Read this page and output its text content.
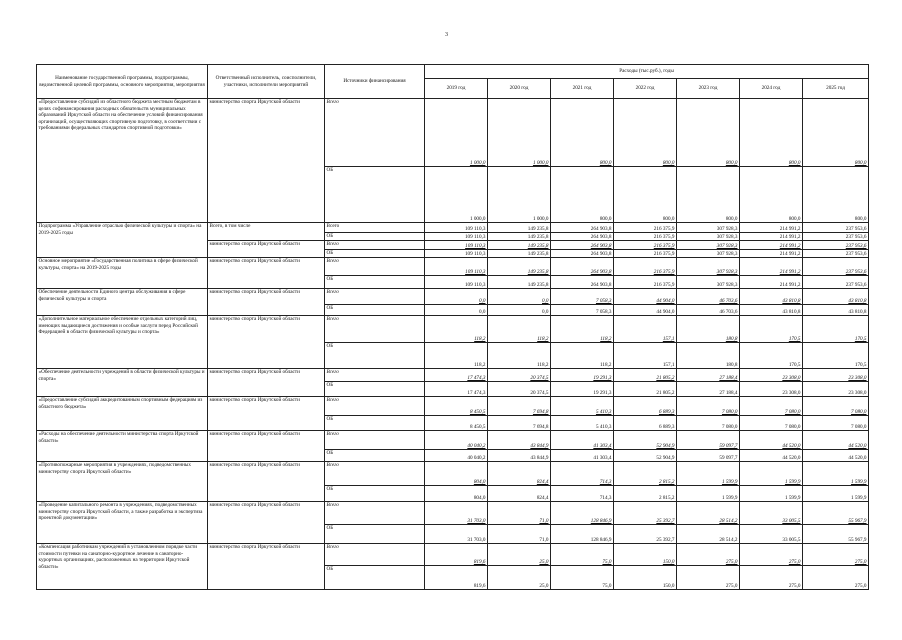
3
Наименование государственной программы, подпрограммы, ведомственной целевой программы, основного мероприятия, мероприятия	Ответственный исполнитель, соисполнители, участники, исполнители мероприятий	Источники финансирования	Расходы (тыс.руб.), годы						
			2019 год	2020 год	2021 год	2022 год	2023 год	2024 год	2025 год
«Предоставление субсидий из областного бюджета местным бюджетам в целях софинансирования расходных обязательств муниципальных образований Иркутской области на обеспечение условий финансирования организаций, осуществляющих спортивную подготовку, в соответствии с требованиями федеральных стандартов спортивной подготовки»	министерство спорта Иркутской области	Всего	1 000,0	1 000,0	800,0	800,0	800,0	800,0	800,0
		ОБ	1 000,0	1 000,0	800,0	800,0	800,0	800,0	800,0
Подпрограмма «Управление отраслью физической культуры и спорта» на 2019-2025 годы	Всего, в том числе	Всего	109 110,3	149 235,8	264 903,8	216 375,9	307 928,3	214 991,2	237 953,6
		ОБ	109 110,3	149 235,8	264 903,8	216 375,9	307 928,3	214 991,2	237 953,6
	министерство спорта Иркутской области	Всего	109 110,3	149 235,8	264 903,8	216 375,9	307 928,3	214 991,2	237 953,6
		ОБ	109 110,3	149 235,8	264 903,8	216 375,9	307 928,3	214 991,2	237 953,6
Основное мероприятие «Государственная политика в сфере физической культуры, спорта» на 2019-2025 годы	министерство спорта Иркутской области	Всего	109 110,3	149 235,8	264 903,8	216 375,9	307 928,3	214 991,2	237 953,6
		ОБ	109 110,3	149 235,8	264 903,8	216 375,9	307 928,3	214 991,2	237 953,6
Обеспечение деятельности Единого центра обслуживания в сфере физической культуры и спорта	министерство спорта Иркутской области	Всего	0,0	0,0	7 058,3	44 904,0	46 703,6	43 810,8	43 810,8
		ОБ	0,0	0,0	7 058,3	44 904,0	46 703,6	43 810,8	43 810,8
«Дополнительное материальное обеспечение отдельных категорий лиц, имеющих выдающиеся достижения и особые заслуги перед Российской Федерацией в области физической культуры и спорта»	министерство спорта Иркутской области	Всего	118,2	118,2	118,2	157,1	180,8	170,5	170,5
		ОБ	118,2	118,2	118,2	157,1	180,8	170,5	170,5
«Обеспечение деятельности учреждений в области физической культуры и спорта»	министерство спорта Иркутской области	Всего	17 474,3	20 374,5	19 291,3	21 805,2	27 188,4	23 308,0	23 308,0
		ОБ	17 474,3	20 374,5	19 291,3	21 805,2	27 188,4	23 308,0	23 308,0
«Предоставление субсидий аккредитованным спортивным федерациям из областного бюджета»	министерство спорта Иркутской области	Всего	8 450,5	7 694,8	5 410,3	6 889,3	7 080,0	7 080,0	7 080,0
		ОБ	8 450,5	7 694,8	5 410,3	6 889,3	7 080,0	7 080,0	7 080,0
«Расходы на обеспечение деятельности министерства спорта Иркутской области»	министерство спорта Иркутской области	Всего	40 040,2	43 844,9	41 303,4	52 904,9	59 097,7	44 520,0	44 520,0
		ОБ	40 040,2	43 844,9	41 303,4	52 904,9	59 097,7	44 520,0	44 520,0
«Противопожарные мероприятия в учреждениях, подведомственных министерству спорта Иркутской области»	министерство спорта Иркутской области	Всего	804,0	824,4	714,3	2 815,2	1 599,9	1 599,9	1 599,9
		ОБ	804,0	824,4	714,3	2 815,2	1 599,9	1 599,9	1 599,9
«Проведение капитального ремонта в учреждениях, подведомственных министерству спорта Иркутской области, а также разработка и экспертиза проектной документации»	министерство спорта Иркутской области	Всего	31 703,0	71,0	128 846,9	25 392,7	28 514,2	33 005,5	55 967,9
		ОБ	31 703,0	71,0	128 846,9	25 392,7	28 514,2	33 005,5	55 967,9
«Компенсация работникам учреждений в установленном порядке части стоимости путевки на санаторно-курортное лечение в санаторно-курортных организациях, расположенных на территории Иркутской области»	министерство спорта Иркутской области	Всего	819,6	25,0	75,0	150,0	275,0	275,0	275,0
		ОБ	819,6	25,0	75,0	150,0	275,0	275,0	275,0
